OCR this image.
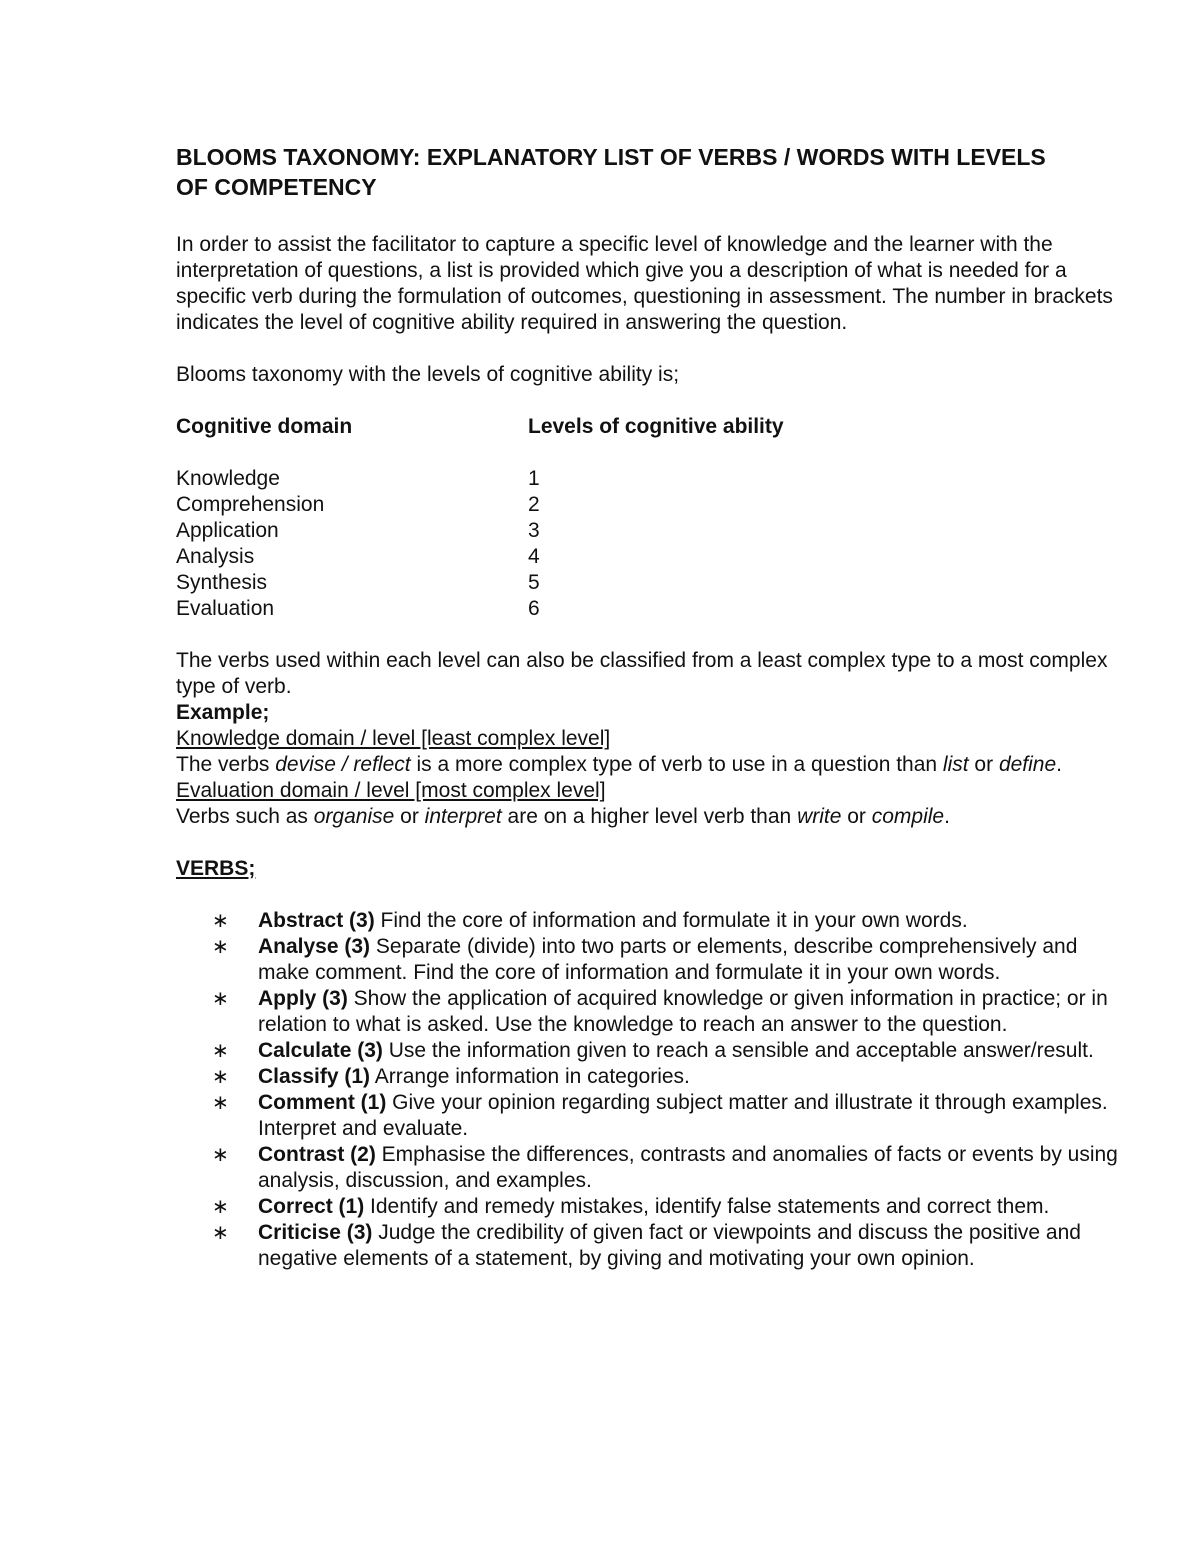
BLOOMS TAXONOMY: EXPLANATORY LIST OF VERBS / WORDS WITH LEVELS OF COMPETENCY

In order to assist the facilitator to capture a specific level of knowledge and the learner with the interpretation of questions, a list is provided which give you a description of what is needed for a specific verb during the formulation of outcomes, questioning in assessment. The number in brackets indicates the level of cognitive ability required in answering the question.

Blooms taxonomy with the levels of cognitive ability is;

Cognitive domain	Levels of cognitive ability
Knowledge	1
Comprehension	2
Application	3
Analysis	4
Synthesis	5
Evaluation	6

The verbs used within each level can also be classified from a least complex type to a most complex type of verb.

Example;

Knowledge domain / level [least complex level]

The verbs devise / reflect is a more complex type of verb to use in a question than list or define.

Evaluation domain / level [most complex level]

Verbs such as organise or interpret are on a higher level verb than write or compile.

VERBS;

∗	Abstract (3) Find the core of information and formulate it in your own words.
∗	Analyse (3) Separate (divide) into two parts or elements, describe comprehensively and make comment. Find the core of information and formulate it in your own words.
∗	Apply (3) Show the application of acquired knowledge or given information in practice; or in relation to what is asked. Use the knowledge to reach an answer to the question.
∗	Calculate (3) Use the information given to reach a sensible and acceptable answer/result.
∗	Classify (1) Arrange information in categories.
∗	Comment (1) Give your opinion regarding subject matter and illustrate it through examples. Interpret and evaluate.
∗	Contrast (2) Emphasise the differences, contrasts and anomalies of facts or events by using analysis, discussion, and examples.
∗	Correct (1) Identify and remedy mistakes, identify false statements and correct them.
∗	Criticise (3) Judge the credibility of given fact or viewpoints and discuss the positive and negative elements of a statement, by giving and motivating your own opinion.
